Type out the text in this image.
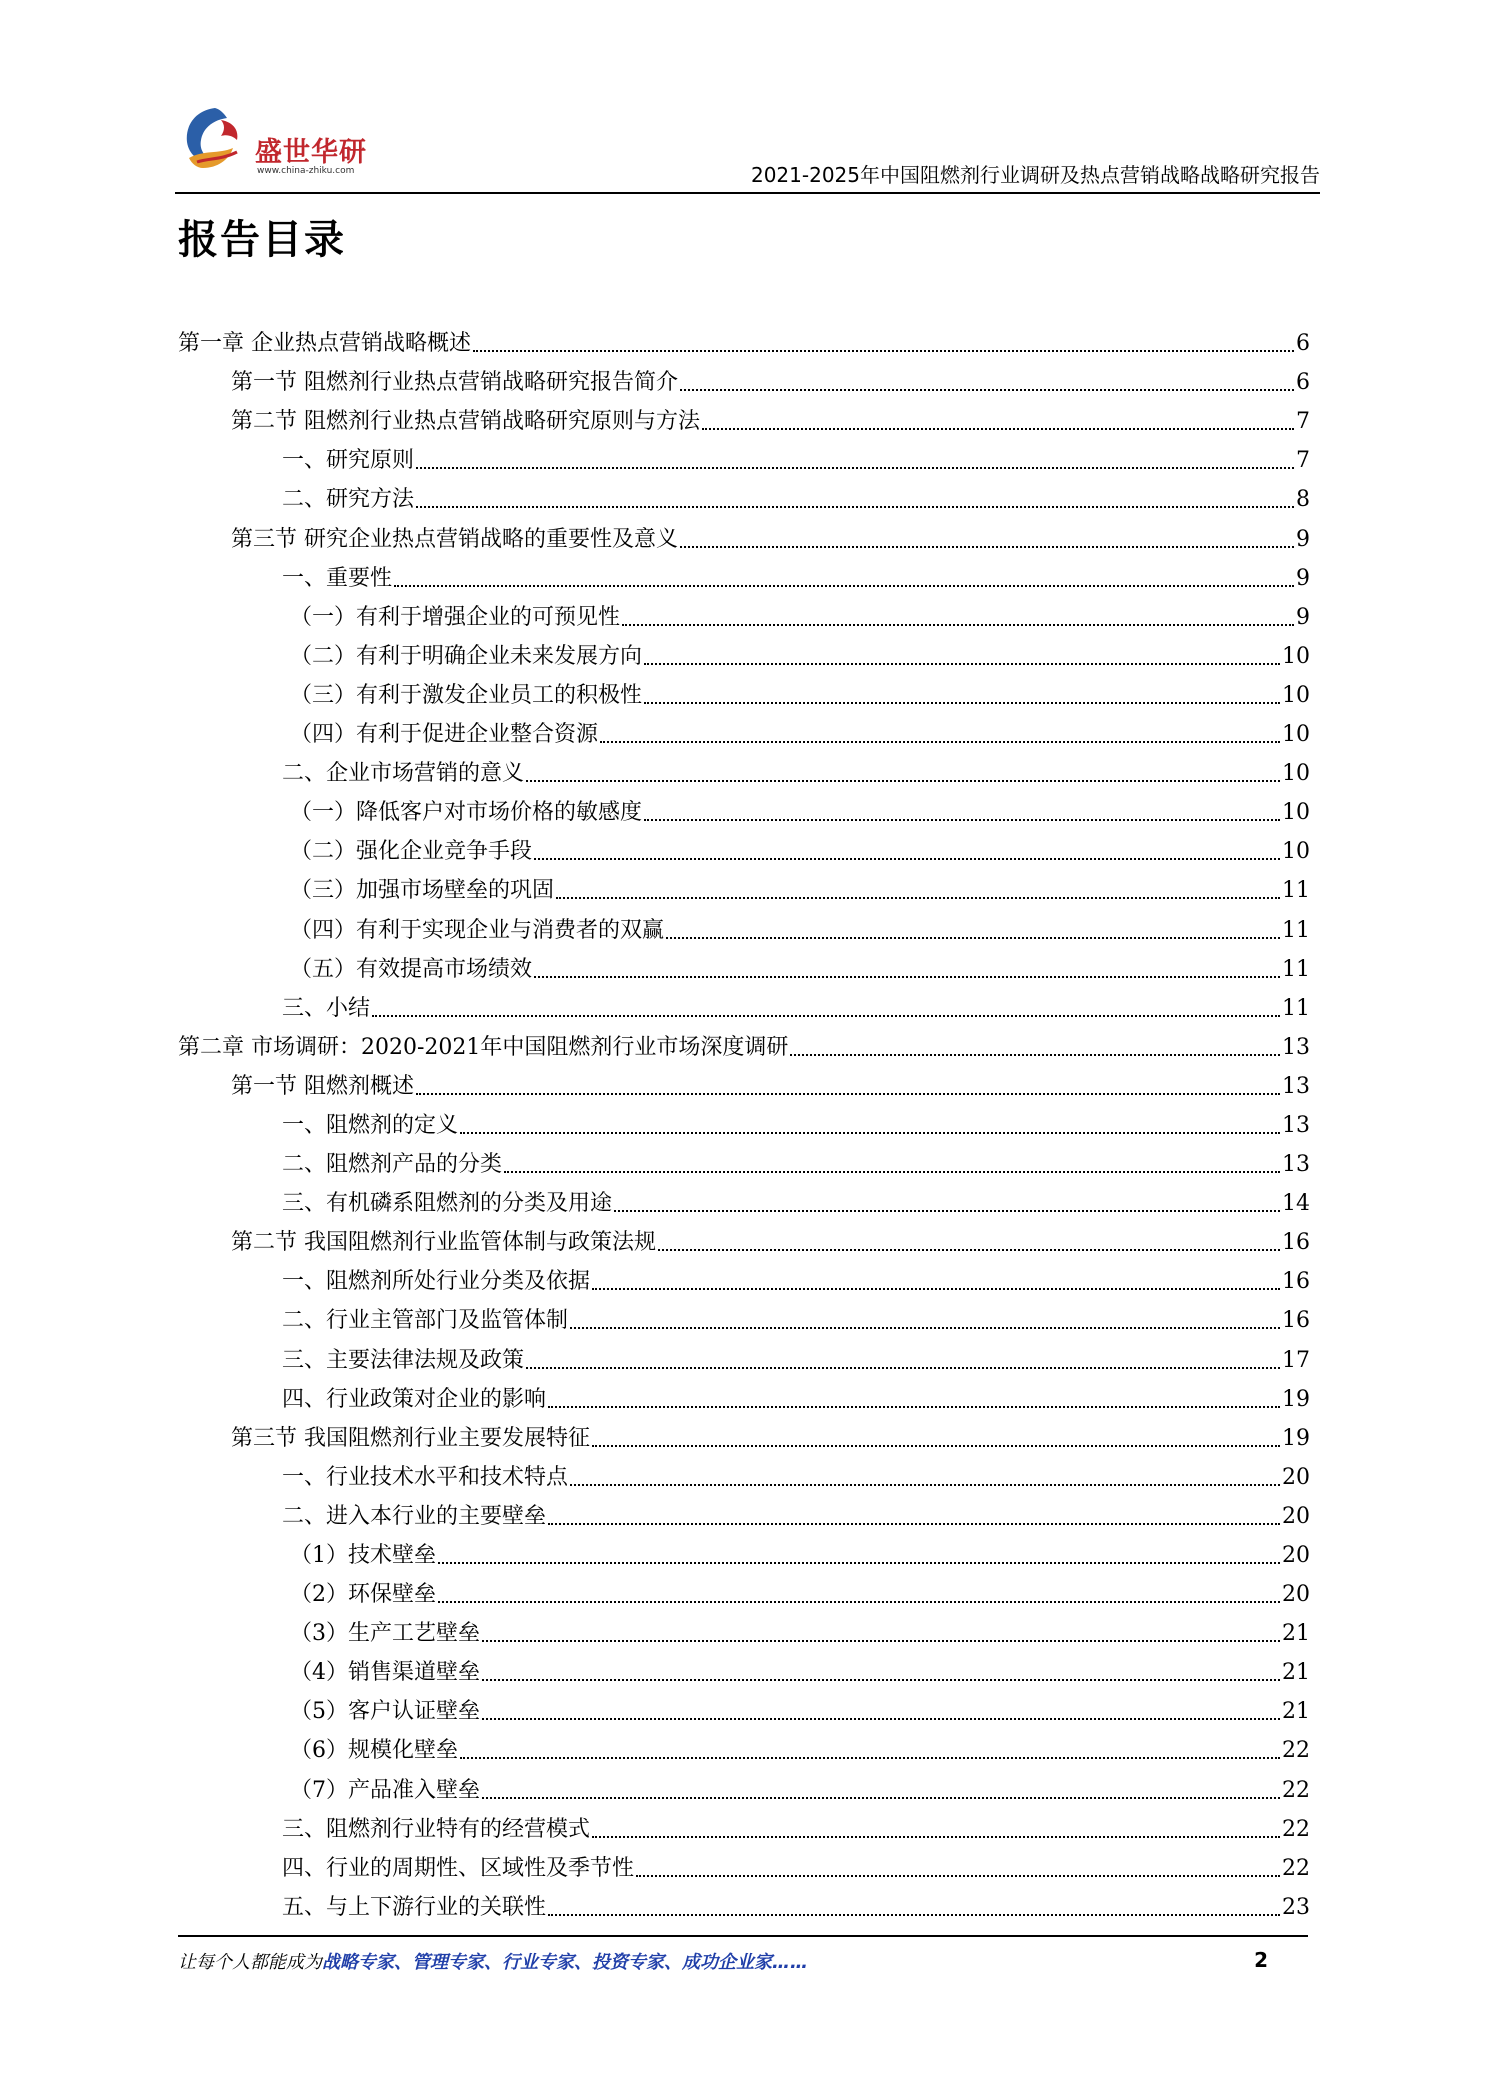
盛世华研
www.china-zhiku.com	2021-2025年中国阻燃剂行业调研及热点营销战略战略研究报告
报告目录
第一章 企业热点营销战略概述	6
第一节 阻燃剂行业热点营销战略研究报告简介	6
第二节 阻燃剂行业热点营销战略研究原则与方法	7
一、研究原则	7
二、研究方法	8
第三节 研究企业热点营销战略的重要性及意义	9
一、重要性	9
（一）有利于增强企业的可预见性	9
（二）有利于明确企业未来发展方向	10
（三）有利于激发企业员工的积极性	10
（四）有利于促进企业整合资源	10
二、企业市场营销的意义	10
（一）降低客户对市场价格的敏感度	10
（二）强化企业竞争手段	10
（三）加强市场壁垒的巩固	11
（四）有利于实现企业与消费者的双赢	11
（五）有效提高市场绩效	11
三、小结	11
第二章 市场调研：2020-2021年中国阻燃剂行业市场深度调研	13
第一节 阻燃剂概述	13
一、阻燃剂的定义	13
二、阻燃剂产品的分类	13
三、有机磷系阻燃剂的分类及用途	14
第二节 我国阻燃剂行业监管体制与政策法规	16
一、阻燃剂所处行业分类及依据	16
二、行业主管部门及监管体制	16
三、主要法律法规及政策	17
四、行业政策对企业的影响	19
第三节 我国阻燃剂行业主要发展特征	19
一、行业技术水平和技术特点	20
二、进入本行业的主要壁垒	20
（1）技术壁垒	20
（2）环保壁垒	20
（3）生产工艺壁垒	21
（4）销售渠道壁垒	21
（5）客户认证壁垒	21
（6）规模化壁垒	22
（7）产品准入壁垒	22
三、阻燃剂行业特有的经营模式	22
四、行业的周期性、区域性及季节性	22
五、与上下游行业的关联性	23
让每个人都能成为战略专家、管理专家、行业专家、投资专家、成功企业家……	2
